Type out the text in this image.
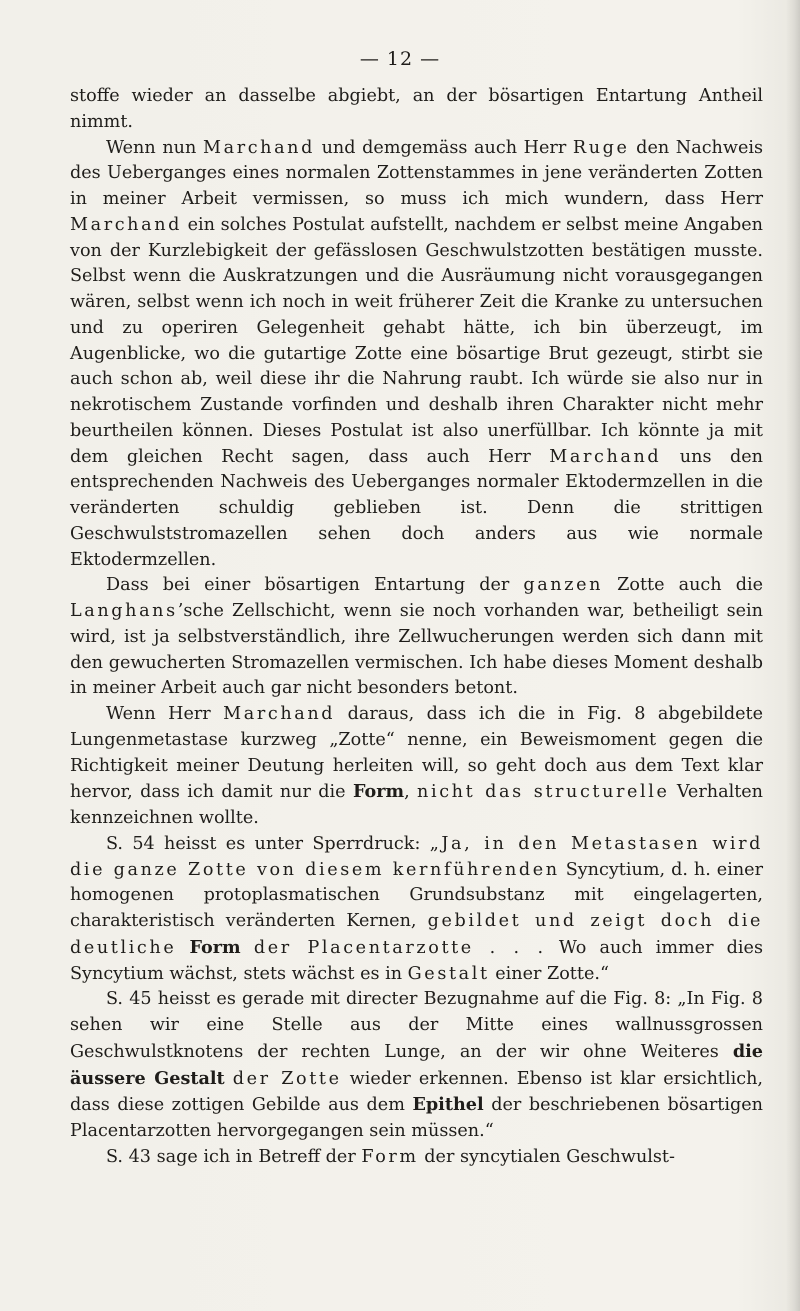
— 12 —

stoffe wieder an dasselbe abgiebt, an der bösartigen Entartung Antheil nimmt.

Wenn nun Marchand und demgemäss auch Herr Ruge den Nachweis des Ueberganges eines normalen Zottenstammes in jene veränderten Zotten in meiner Arbeit vermissen, so muss ich mich wundern, dass Herr Marchand ein solches Postulat aufstellt, nachdem er selbst meine Angaben von der Kurzlebigkeit der gefässlosen Geschwulstzotten bestätigen musste. Selbst wenn die Auskratzungen und die Ausräumung nicht vorausgegangen wären, selbst wenn ich noch in weit früherer Zeit die Kranke zu untersuchen und zu operiren Gelegenheit gehabt hätte, ich bin überzeugt, im Augenblicke, wo die gutartige Zotte eine bösartige Brut gezeugt, stirbt sie auch schon ab, weil diese ihr die Nahrung raubt. Ich würde sie also nur in nekrotischem Zustande vorfinden und deshalb ihren Charakter nicht mehr beurtheilen können. Dieses Postulat ist also unerfüllbar. Ich könnte ja mit dem gleichen Recht sagen, dass auch Herr Marchand uns den entsprechenden Nachweis des Ueberganges normaler Ektodermzellen in die veränderten schuldig geblieben ist. Denn die strittigen Geschwulststromazellen sehen doch anders aus wie normale Ektodermzellen.

Dass bei einer bösartigen Entartung der ganzen Zotte auch die Langhans’sche Zellschicht, wenn sie noch vorhanden war, betheiligt sein wird, ist ja selbstverständlich, ihre Zellwucherungen werden sich dann mit den gewucherten Stromazellen vermischen. Ich habe dieses Moment deshalb in meiner Arbeit auch gar nicht besonders betont.

Wenn Herr Marchand daraus, dass ich die in Fig. 8 abgebildete Lungenmetastase kurzweg „Zotte“ nenne, ein Beweismoment gegen die Richtigkeit meiner Deutung herleiten will, so geht doch aus dem Text klar hervor, dass ich damit nur die Form, nicht das structurelle Verhalten kennzeichnen wollte.

S. 54 heisst es unter Sperrdruck: „Ja, in den Metastasen wird die ganze Zotte von diesem kernführenden Syncytium, d. h. einer homogenen protoplasmatischen Grundsubstanz mit eingelagerten, charakteristisch veränderten Kernen, gebildet und zeigt doch die deutliche Form der Placentarzotte . . . Wo auch immer dies Syncytium wächst, stets wächst es in Gestalt einer Zotte.“

S. 45 heisst es gerade mit directer Bezugnahme auf die Fig. 8: „In Fig. 8 sehen wir eine Stelle aus der Mitte eines wallnussgrossen Geschwulstknotens der rechten Lunge, an der wir ohne Weiteres die äussere Gestalt der Zotte wieder erkennen. Ebenso ist klar ersichtlich, dass diese zottigen Gebilde aus dem Epithel der beschriebenen bösartigen Placentarzotten hervorgegangen sein müssen.“

S. 43 sage ich in Betreff der Form der syncytialen Geschwulst-
